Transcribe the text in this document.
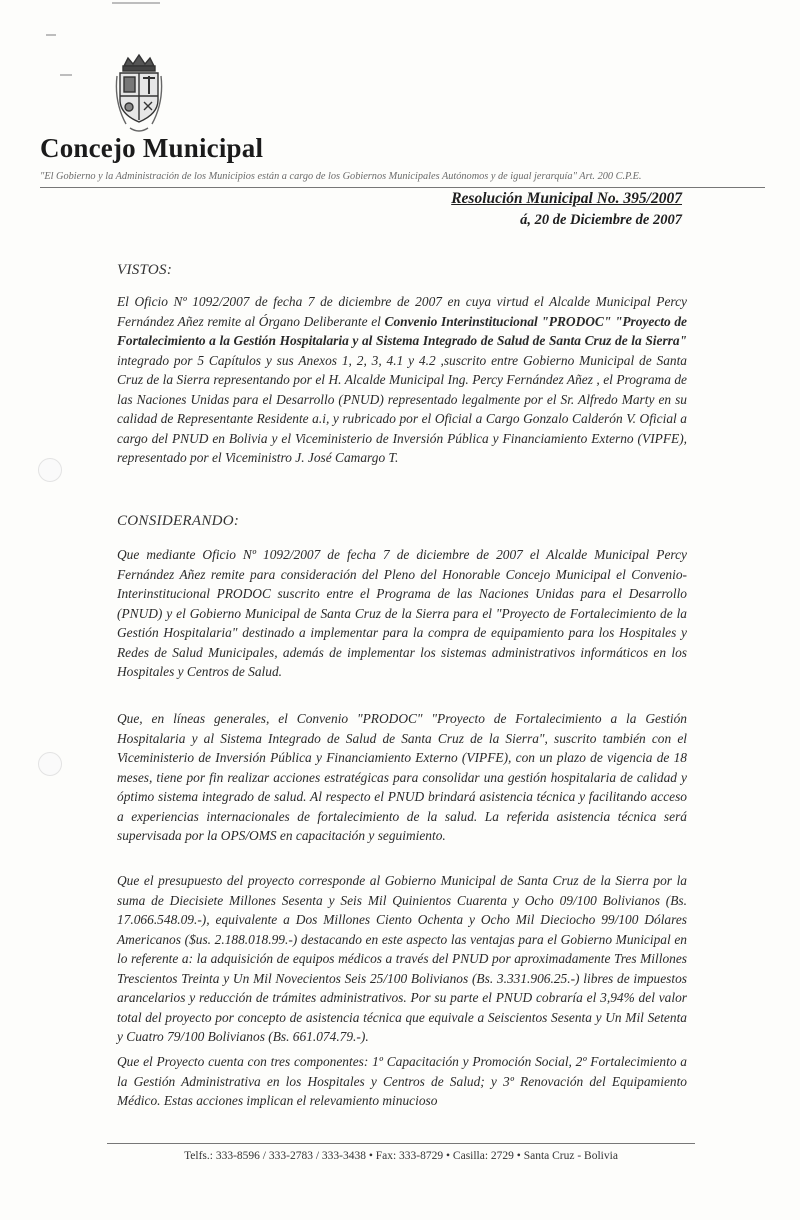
Concejo Municipal
"El Gobierno y la Administración de los Municipios están a cargo de los Gobiernos Municipales Autónomos y de igual jerarquía" Art. 200 C.P.E.
Resolución Municipal No. 395/2007
á, 20 de Diciembre de 2007
VISTOS:

El Oficio Nº 1092/2007 de fecha 7 de diciembre de 2007 en cuya virtud el Alcalde Municipal Percy Fernández Añez remite al Órgano Deliberante el Convenio Interinstitucional "PRODOC" "Proyecto de Fortalecimiento a la Gestión Hospitalaria y al Sistema Integrado de Salud de Santa Cruz de la Sierra" integrado por 5 Capítulos y sus Anexos 1, 2, 3, 4.1 y 4.2 ,suscrito entre Gobierno Municipal de Santa Cruz de la Sierra representando por el H. Alcalde Municipal Ing. Percy Fernández Añez , el Programa de las Naciones Unidas para el Desarrollo (PNUD) representado legalmente por el Sr. Alfredo Marty en su calidad de Representante Residente a.i, y rubricado por el Oficial a Cargo Gonzalo Calderón V. Oficial a cargo del PNUD en Bolivia y el Viceministerio de Inversión Pública y Financiamiento Externo (VIPFE), representado por el Viceministro J. José Camargo T.

CONSIDERANDO:

Que mediante Oficio Nº 1092/2007 de fecha 7 de diciembre de 2007 el Alcalde Municipal Percy Fernández Añez remite para consideración del Pleno del Honorable Concejo Municipal el Convenio- Interinstitucional PRODOC suscrito entre el Programa de las Naciones Unidas para el Desarrollo (PNUD) y el Gobierno Municipal de Santa Cruz de la Sierra para el "Proyecto de Fortalecimiento de la Gestión Hospitalaria" destinado a implementar para la compra de equipamiento para los Hospitales y Redes de Salud Municipales, además de implementar los sistemas administrativos informáticos en los Hospitales y Centros de Salud.

Que, en líneas generales, el Convenio "PRODOC" "Proyecto de Fortalecimiento a la Gestión Hospitalaria y al Sistema Integrado de Salud de Santa Cruz de la Sierra", suscrito también con el Viceministerio de Inversión Pública y Financiamiento Externo (VIPFE), con un plazo de vigencia de 18 meses, tiene por fin realizar acciones estratégicas para consolidar una gestión hospitalaria de calidad y óptimo sistema integrado de salud. Al respecto el PNUD brindará asistencia técnica y facilitando acceso a experiencias internacionales de fortalecimiento de la salud. La referida asistencia técnica será supervisada por la OPS/OMS en capacitación y seguimiento.

Que el presupuesto del proyecto corresponde al Gobierno Municipal de Santa Cruz de la Sierra por la suma de Diecisiete Millones Sesenta y Seis Mil Quinientos Cuarenta y Ocho 09/100 Bolivianos (Bs. 17.066.548.09.-), equivalente a Dos Millones Ciento Ochenta y Ocho Mil Dieciocho 99/100 Dólares Americanos ($us. 2.188.018.99.-) destacando en este aspecto las ventajas para el Gobierno Municipal en lo referente a: la adquisición de equipos médicos a través del PNUD por aproximadamente Tres Millones Trescientos Treinta y Un Mil Novecientos Seis 25/100 Bolivianos (Bs. 3.331.906.25.-) libres de impuestos arancelarios y reducción de trámites administrativos. Por su parte el PNUD cobraría el 3,94% del valor total del proyecto por concepto de asistencia técnica que equivale a Seiscientos Sesenta y Un Mil Setenta y Cuatro 79/100 Bolivianos (Bs. 661.074.79.-).

Que el Proyecto cuenta con tres componentes: 1º Capacitación y Promoción Social, 2º Fortalecimiento a la Gestión Administrativa en los Hospitales y Centros de Salud; y 3º Renovación del Equipamiento Médico. Estas acciones implican el relevamiento minucioso

Telfs.: 333-8596 / 333-2783 / 333-3438 • Fax: 333-8729 • Casilla: 2729 • Santa Cruz - Bolivia
